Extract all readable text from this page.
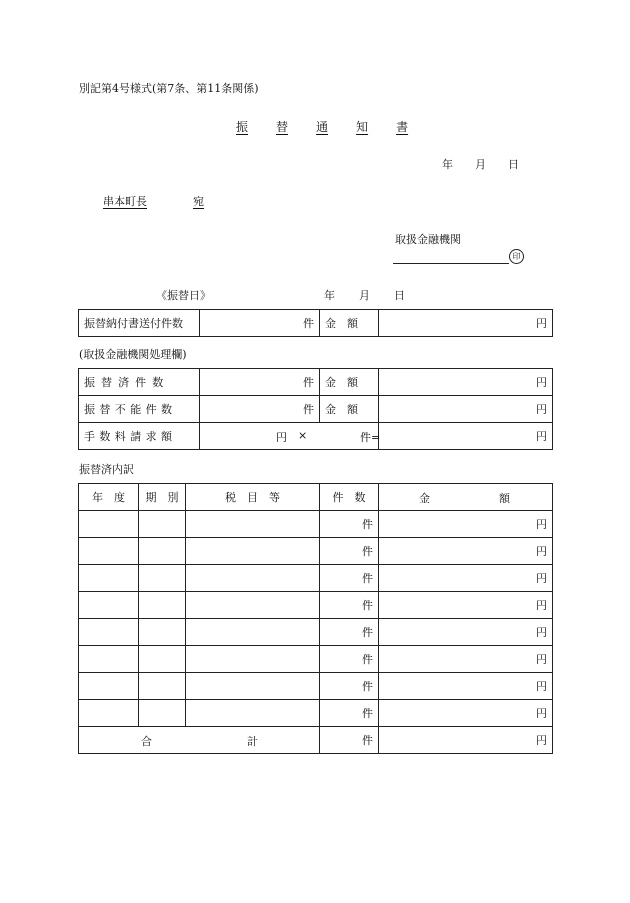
別記第4号様式(第7条、第11条関係)
振 替 通 知 書
年 月 日
串本町長	宛
取扱金融機関
印
《振替日》	年 月 日
振替納付書送付件数	件	金　額	円
(取扱金融機関処理欄)
振替済件数	件	金　額	円
振替不能件数	件	金　額	円
手数料請求額	円 × 件=		円
振替済内訳
年　度	期　別	税　目　等	件　数	金 額

			件	円
			件	円
			件	円
			件	円
			件	円
			件	円
			件	円
			件	円

合 計			件	円
